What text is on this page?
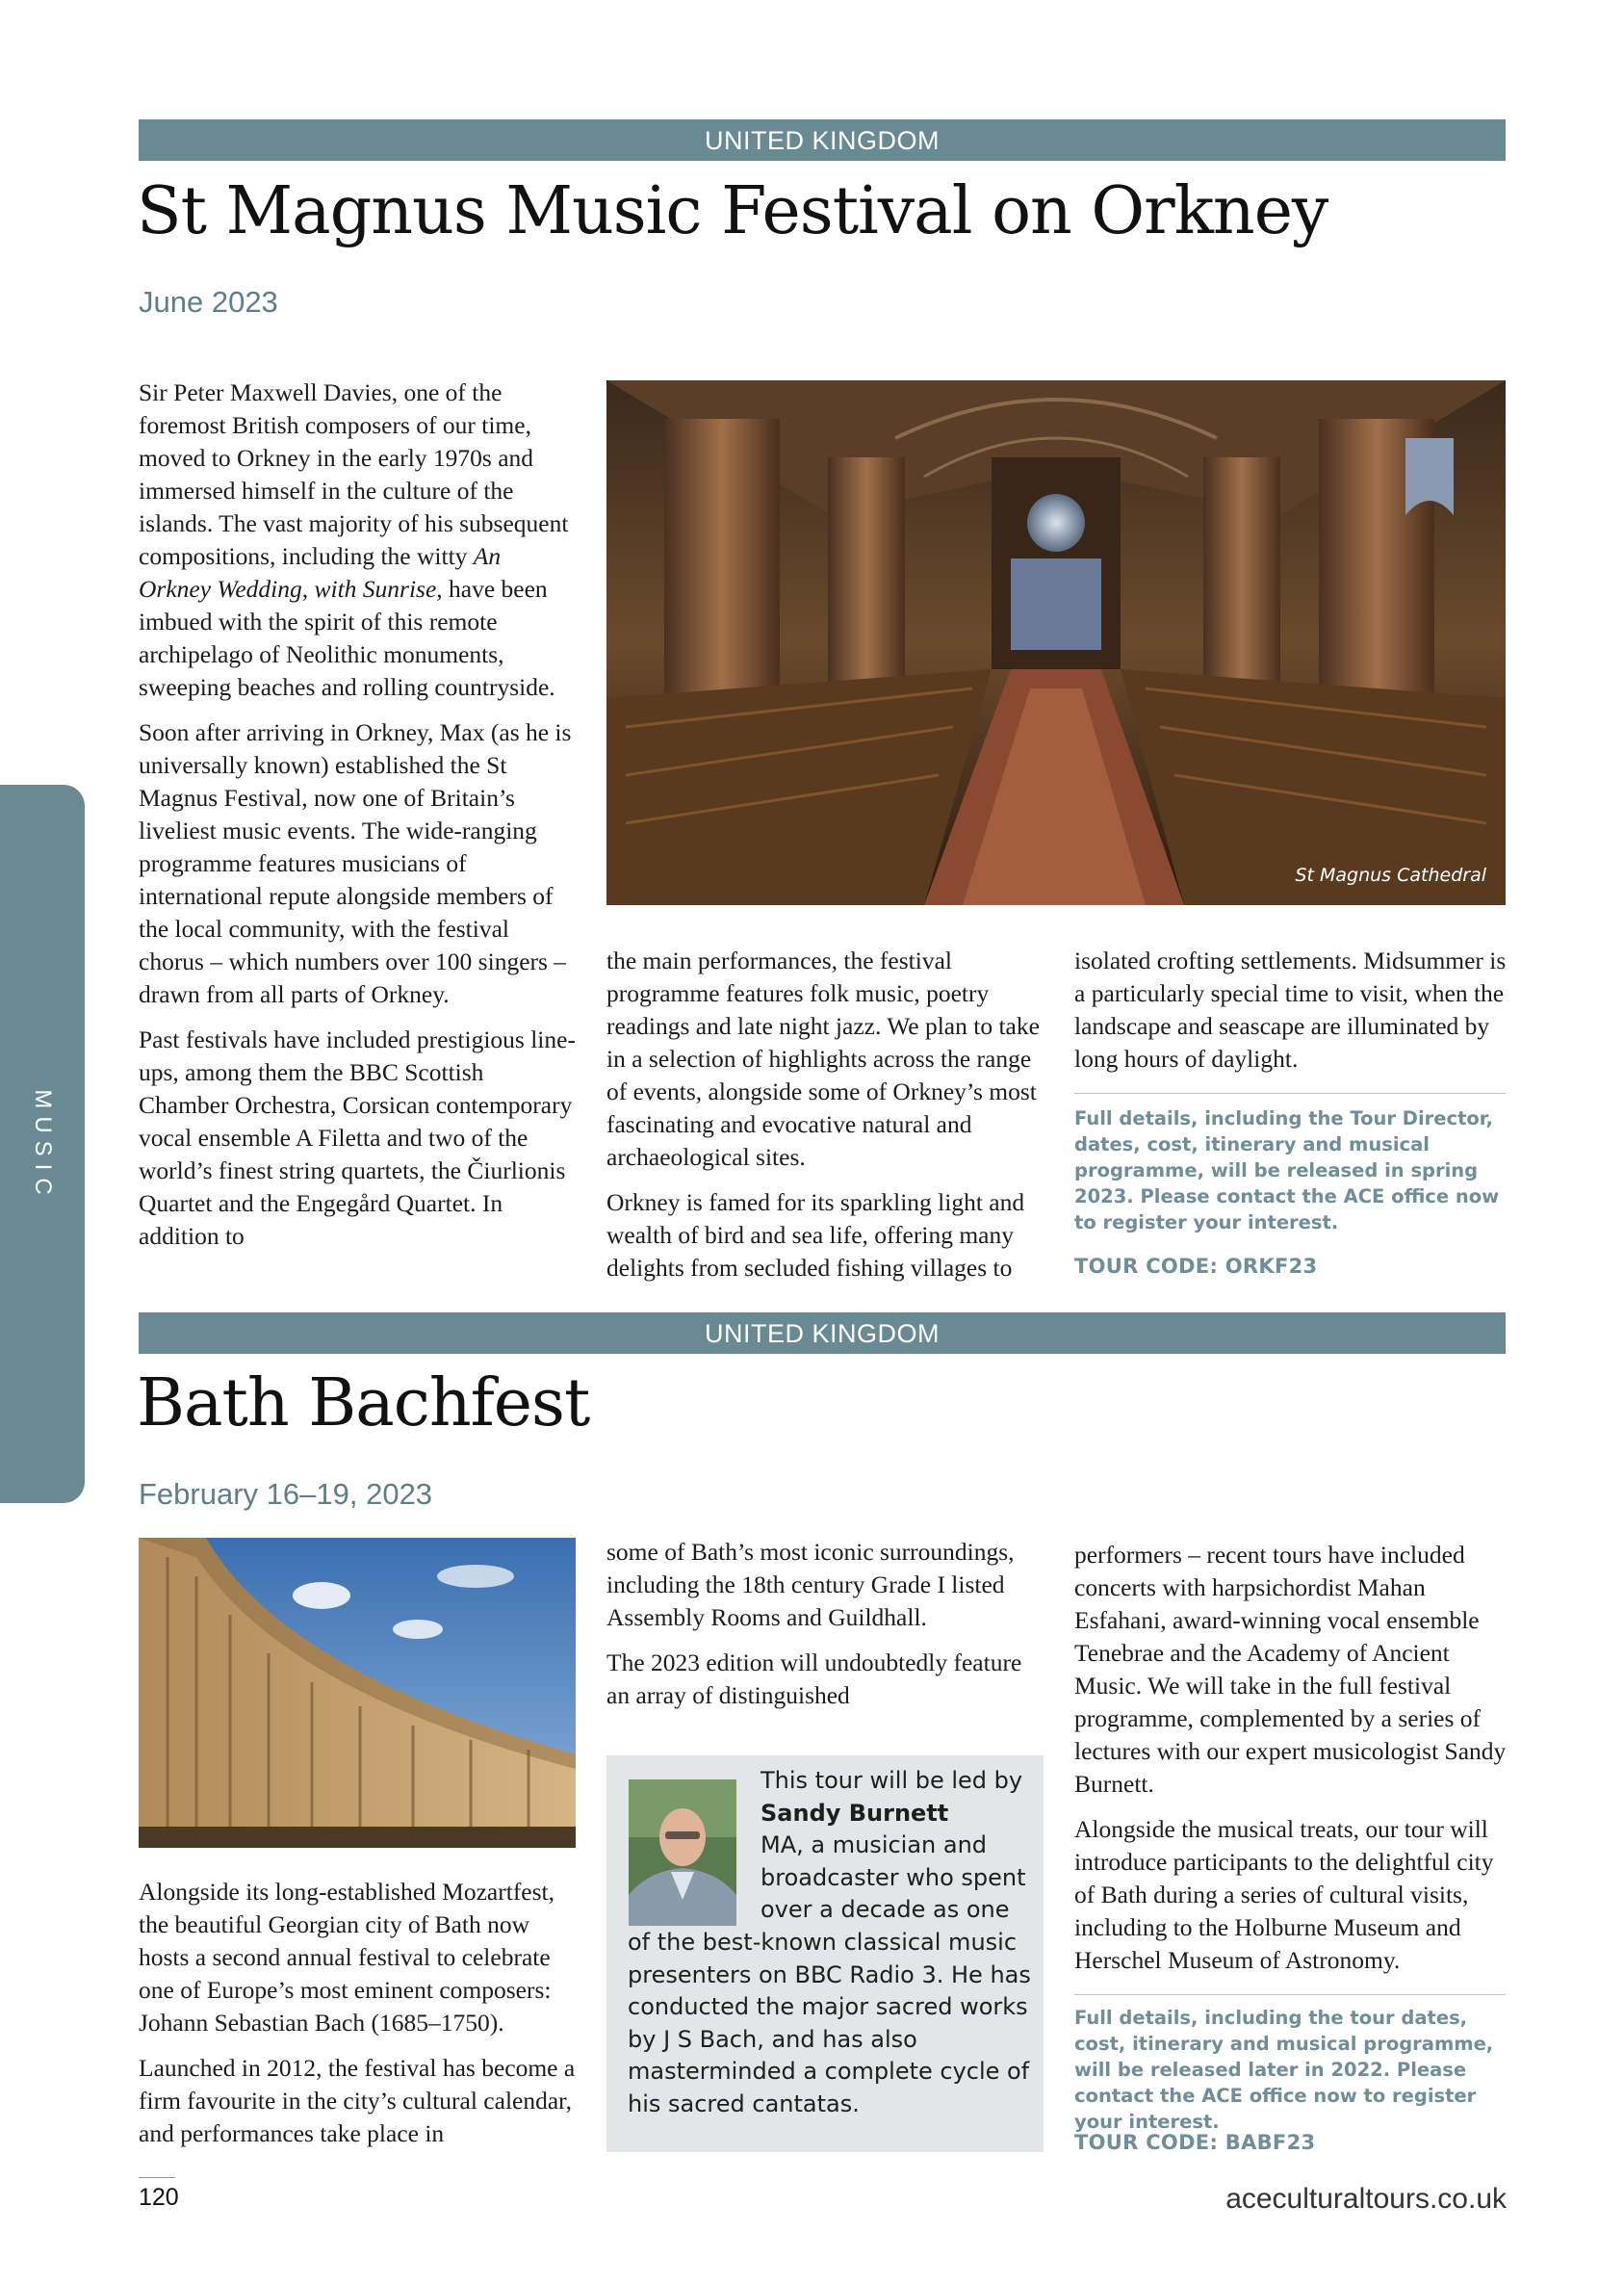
UNITED KINGDOM
St Magnus Music Festival on Orkney
June 2023

Sir Peter Maxwell Davies, one of the foremost British composers of our time, moved to Orkney in the early 1970s and immersed himself in the culture of the islands. The vast majority of his subsequent compositions, including the witty An Orkney Wedding, with Sunrise, have been imbued with the spirit of this remote archipelago of Neolithic monuments, sweeping beaches and rolling countryside.

Soon after arriving in Orkney, Max (as he is universally known) established the St Magnus Festival, now one of Britain’s liveliest music events. The wide-ranging programme features musicians of international repute alongside members of the local community, with the festival chorus – which numbers over 100 singers – drawn from all parts of Orkney.

Past festivals have included prestigious line-ups, among them the BBC Scottish Chamber Orchestra, Corsican contemporary vocal ensemble A Filetta and two of the world’s finest string quartets, the Čiurlionis Quartet and the Engegård Quartet. In addition to

St Magnus Cathedral

the main performances, the festival programme features folk music, poetry readings and late night jazz. We plan to take in a selection of highlights across the range of events, alongside some of Orkney’s most fascinating and evocative natural and archaeological sites.

Orkney is famed for its sparkling light and wealth of bird and sea life, offering many delights from secluded fishing villages to

isolated crofting settlements. Midsummer is a particularly special time to visit, when the landscape and seascape are illuminated by long hours of daylight.

Full details, including the Tour Director, dates, cost, itinerary and musical programme, will be released in spring 2023. Please contact the ACE office now to register your interest.
TOUR CODE: ORKF23
UNITED KINGDOM
Bath Bachfest
February 16–19, 2023

Alongside its long-established Mozartfest, the beautiful Georgian city of Bath now hosts a second annual festival to celebrate one of Europe’s most eminent composers: Johann Sebastian Bach (1685–1750).

Launched in 2012, the festival has become a firm favourite in the city’s cultural calendar, and performances take place in

some of Bath’s most iconic surroundings, including the 18th century Grade I listed Assembly Rooms and Guildhall.

The 2023 edition will undoubtedly feature an array of distinguished

This tour will be led by Sandy Burnett
MA, a musician and broadcaster who spent over a decade as one
of the best-known classical music presenters on BBC Radio 3. He has conducted the major sacred works by J S Bach, and has also masterminded a complete cycle of his sacred cantatas.

performers – recent tours have included concerts with harpsichordist Mahan Esfahani, award-winning vocal ensemble Tenebrae and the Academy of Ancient Music. We will take in the full festival programme, complemented by a series of lectures with our expert musicologist Sandy Burnett.

Alongside the musical treats, our tour will introduce participants to the delightful city of Bath during a series of cultural visits, including to the Holburne Museum and Herschel Museum of Astronomy.

Full details, including the tour dates, cost, itinerary and musical programme, will be released later in 2022. Please contact the ACE office now to register your interest.
TOUR CODE: BABF23
MUSIC
120	aceculturaltours.co.uk
